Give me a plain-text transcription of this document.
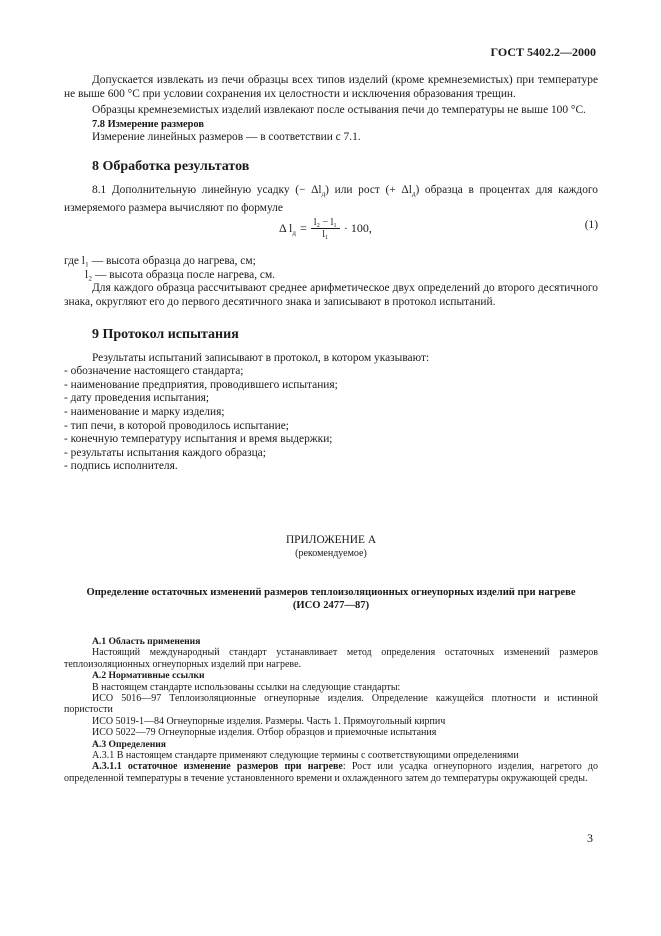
ГОСТ 5402.2—2000

Допускается извлекать из печи образцы всех типов изделий (кроме кремнеземистых) при температуре не выше 600 °С при условии сохранения их целостности и исключения образования трещин.

Образцы кремнеземистых изделий извлекают после остывания печи до температуры не выше 100 °С.

7.8 Измерение размеров

Измерение линейных размеров — в соответствии с 7.1.

8 Обработка результатов

8.1 Дополнительную линейную усадку (− $\Delta l_д$) или рост (+ $\Delta l_д$) образца в процентах для каждого измеряемого размера вычисляют по формуле

Δ $l_д = \frac{\text{l₂ − l₁}}{\text{l₁}} \cdot 100$,	(1)

где l₁ — высота образца до нагрева, см;

l₂ — высота образца после нагрева, см.

Для каждого образца рассчитывают среднее арифметическое двух определений до второго десятичного знака, округляют его до первого десятичного знака и записывают в протокол испытаний.

9 Протокол испытания

Результаты испытаний записывают в протокол, в котором указывают:

- обозначение настоящего стандарта;

- наименование предприятия, проводившего испытания;

- дату проведения испытания;

- наименование и марку изделия;

- тип печи, в которой проводилось испытание;

- конечную температуру испытания и время выдержки;

- результаты испытания каждого образца;

- подпись исполнителя.

ПРИЛОЖЕНИЕ А
(рекомендуемое)
Определение остаточных изменений размеров теплоизоляционных огнеупорных изделий при нагреве
(ИСО 2477—87)
А.1 Область применения

Настоящий международный стандарт устанавливает метод определения остаточных изменений размеров теплоизоляционных огнеупорных изделий при нагреве.

А.2 Нормативные ссылки

В настоящем стандарте использованы ссылки на следующие стандарты:

ИСО 5016—97 Теплоизоляционные огнеупорные изделия. Определение кажущейся плотности и истинной пористости

ИСО 5019-1—84 Огнеупорные изделия. Размеры. Часть 1. Прямоугольный кирпич

ИСО 5022—79 Огнеупорные изделия. Отбор образцов и приемочные испытания

А.3 Определения

А.3.1 В настоящем стандарте применяют следующие термины с соответствующими определениями

А.3.1.1 остаточное изменение размеров при нагреве: Рост или усадка огнеупорного изделия, нагретого до определенной температуры в течение установленного времени и охлажденного затем до температуры окружающей среды.

3
